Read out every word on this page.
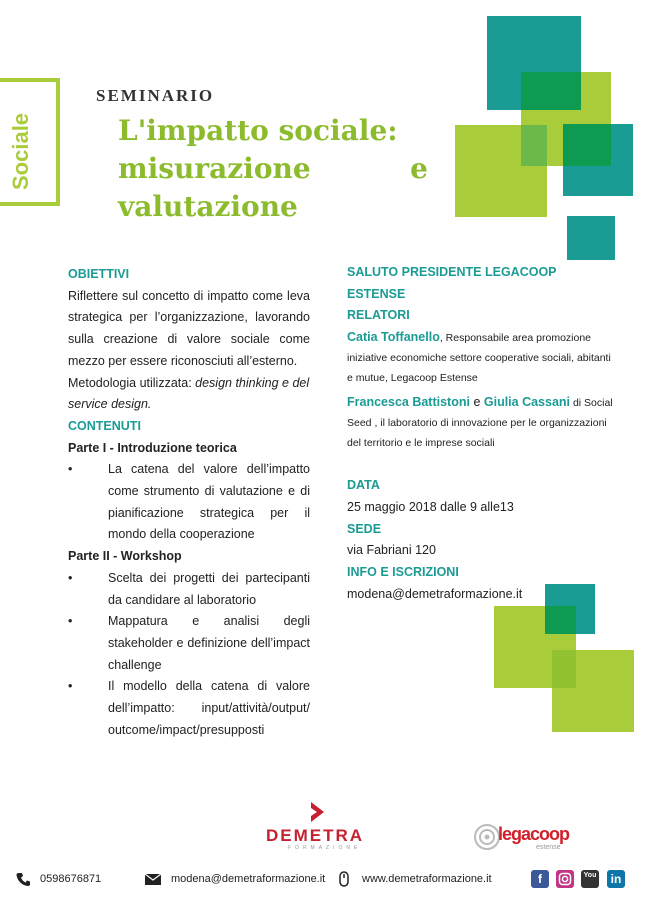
Sociale
SEMINARIO
L'impatto sociale:
misurazione	e
valutazione
OBIETTIVI
Riflettere sul concetto di impatto come leva strategica per l’organizzazione, lavorando sulla creazione di valore sociale come mezzo per essere riconosciuti all’esterno.
Metodologia utilizzata: design thinking e del service design.
CONTENUTI
Parte I - Introduzione teorica
•	La catena del valore dell’impatto come strumento di valutazione e di pianificazione strategica per il mondo della cooperazione
Parte II - Workshop
•	Scelta dei progetti dei partecipanti da candidare al laboratorio
•	Mappatura e analisi degli stakeholder e definizione dell’impact challenge
•	Il modello della catena di valore dell’impatto: input/attività/output/ outcome/impact/presupposti
SALUTO PRESIDENTE LEGACOOP ESTENSE
RELATORI
Catia Toffanello, Responsabile area promozione iniziative economiche settore cooperative sociali, abitanti e mutue, Legacoop Estense
Francesca Battistoni e Giulia Cassani di Social Seed , il laboratorio di innovazione per le organizzazioni del territorio e le imprese sociali
DATA
25 maggio 2018 dalle 9 alle13
SEDE
via Fabriani 120
INFO E ISCRIZIONI
modena@demetraformazione.it
DEMETRA
FORMAZIONE
legacoop
estense
0598676871	modena@demetraformazione.it	www.demetraformazione.it	f	You	in
